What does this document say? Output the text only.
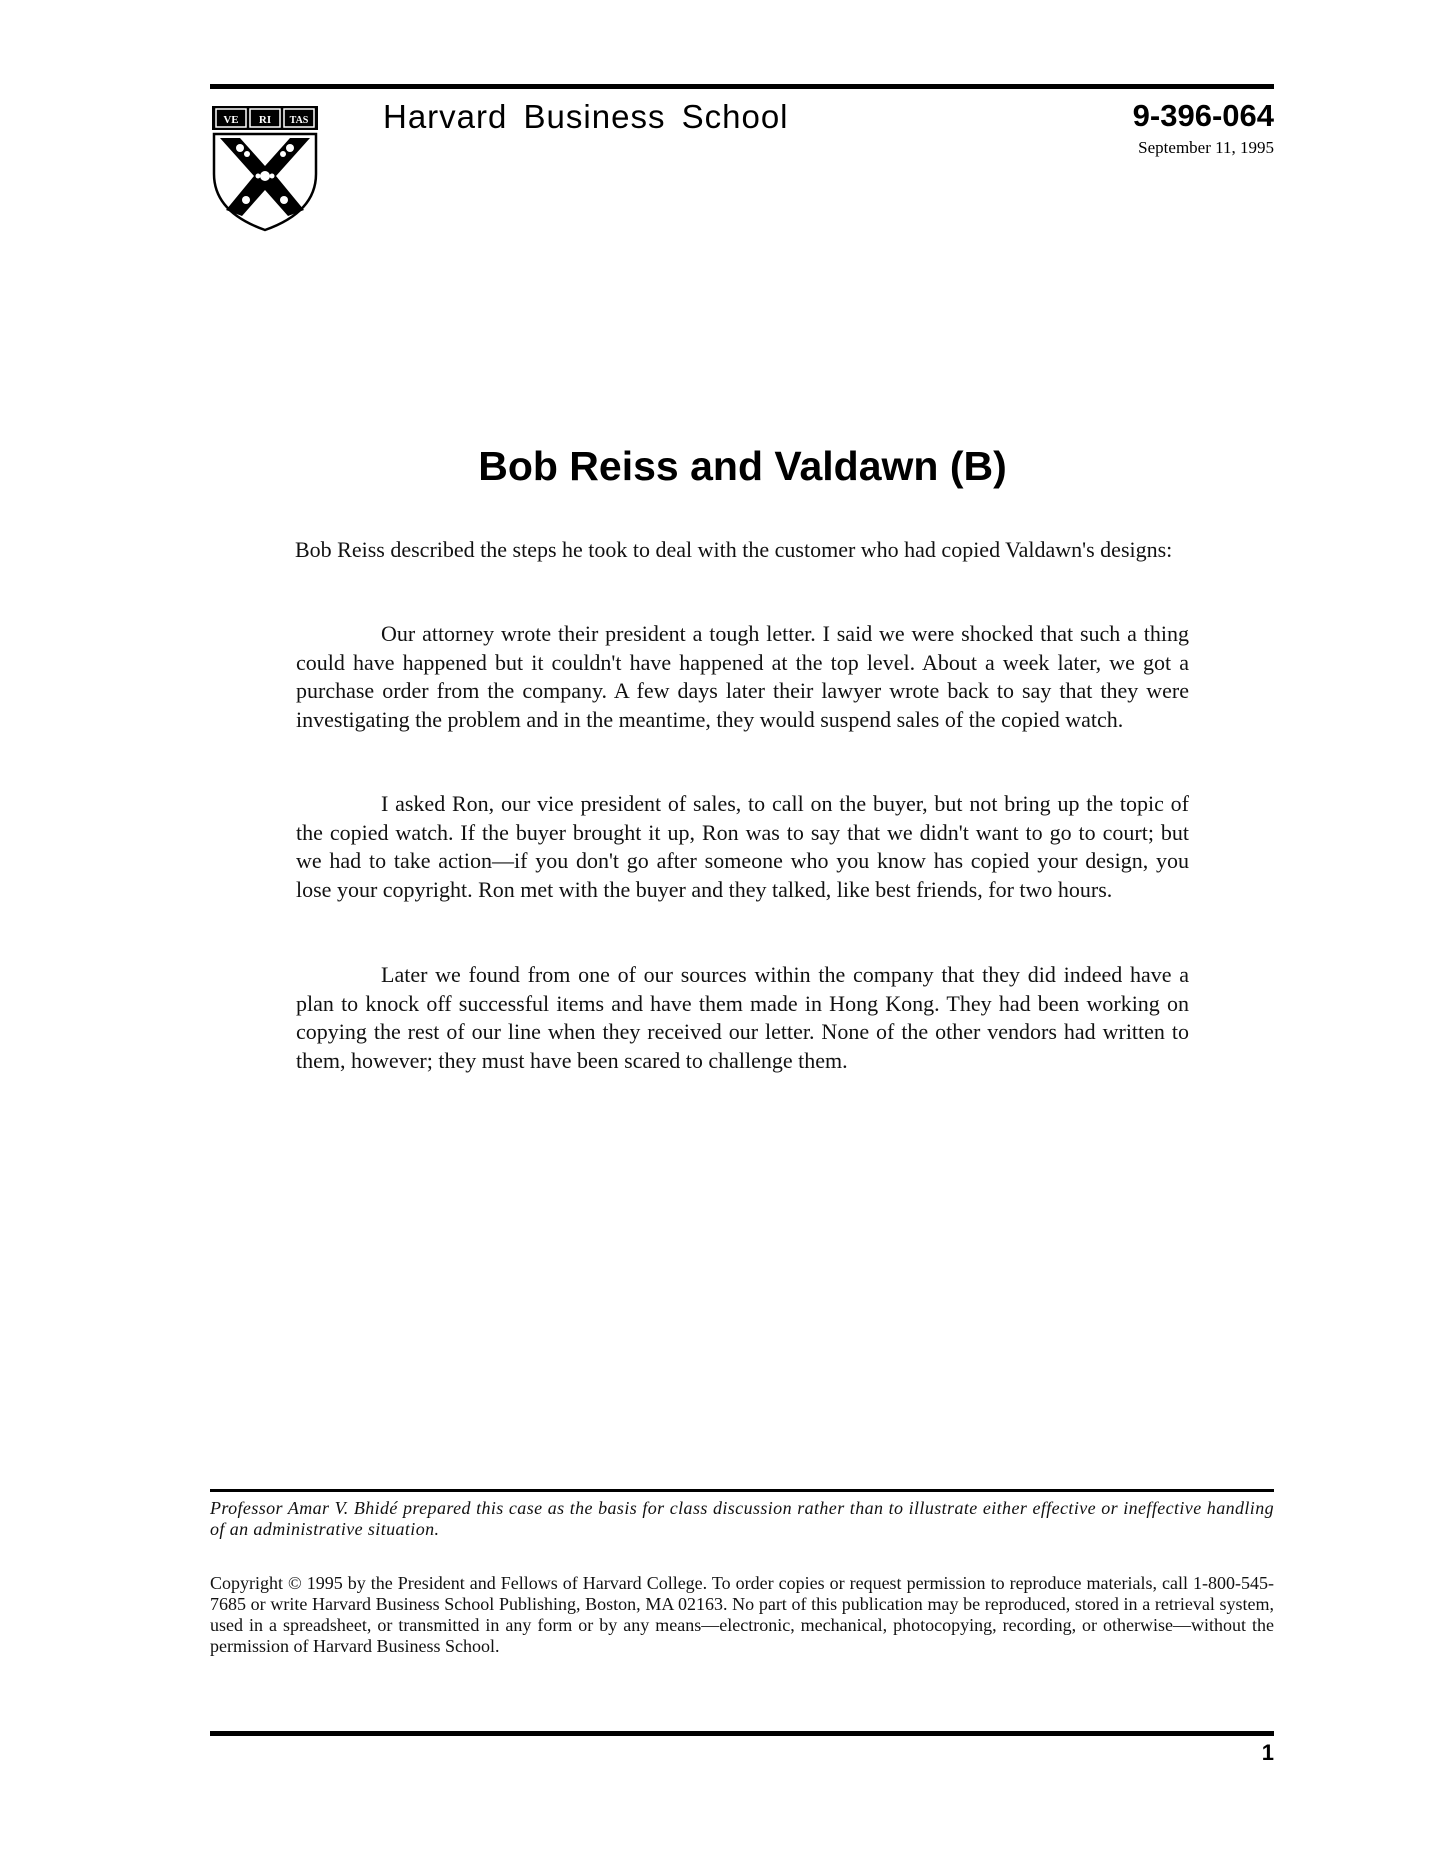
VE RI TAS Harvard Business School	9-396-064
September 11, 1995
Bob Reiss and Valdawn (B)

Bob Reiss described the steps he took to deal with the customer who had copied Valdawn's designs:

Our attorney wrote their president a tough letter. I said we were shocked that such a thing could have happened but it couldn't have happened at the top level. About a week later, we got a purchase order from the company. A few days later their lawyer wrote back to say that they were investigating the problem and in the meantime, they would suspend sales of the copied watch.

I asked Ron, our vice president of sales, to call on the buyer, but not bring up the topic of the copied watch. If the buyer brought it up, Ron was to say that we didn't want to go to court; but we had to take action—if you don't go after someone who you know has copied your design, you lose your copyright. Ron met with the buyer and they talked, like best friends, for two hours.

Later we found from one of our sources within the company that they did indeed have a plan to knock off successful items and have them made in Hong Kong. They had been working on copying the rest of our line when they received our letter. None of the other vendors had written to them, however; they must have been scared to challenge them.

Professor Amar V. Bhidé prepared this case as the basis for class discussion rather than to illustrate either effective or ineffective handling of an administrative situation.

Copyright © 1995 by the President and Fellows of Harvard College. To order copies or request permission to reproduce materials, call 1-800-545-7685 or write Harvard Business School Publishing, Boston, MA 02163. No part of this publication may be reproduced, stored in a retrieval system, used in a spreadsheet, or transmitted in any form or by any means—electronic, mechanical, photocopying, recording, or otherwise—without the permission of Harvard Business School.

1
